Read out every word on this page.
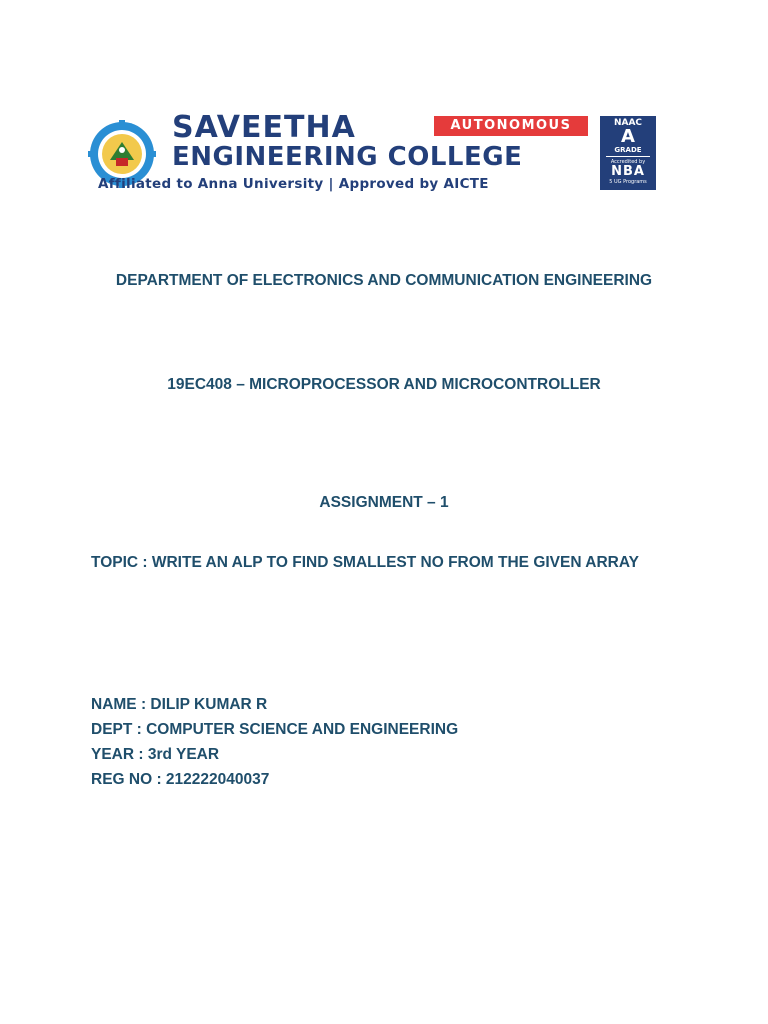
SAVEETHA
ENGINEERING COLLEGE
Affiliated to Anna University | Approved by AICTE
AUTONOMOUS	NAAC
A
GRADE
Accredited by
NBA
5 UG Programs
DEPARTMENT OF ELECTRONICS AND COMMUNICATION ENGINEERING
19EC408 – MICROPROCESSOR AND MICROCONTROLLER
ASSIGNMENT – 1
TOPIC : WRITE AN ALP TO FIND SMALLEST NO FROM THE GIVEN ARRAY
NAME : DILIP KUMAR R
DEPT : COMPUTER SCIENCE AND ENGINEERING
YEAR : 3rd YEAR
REG NO : 212222040037
